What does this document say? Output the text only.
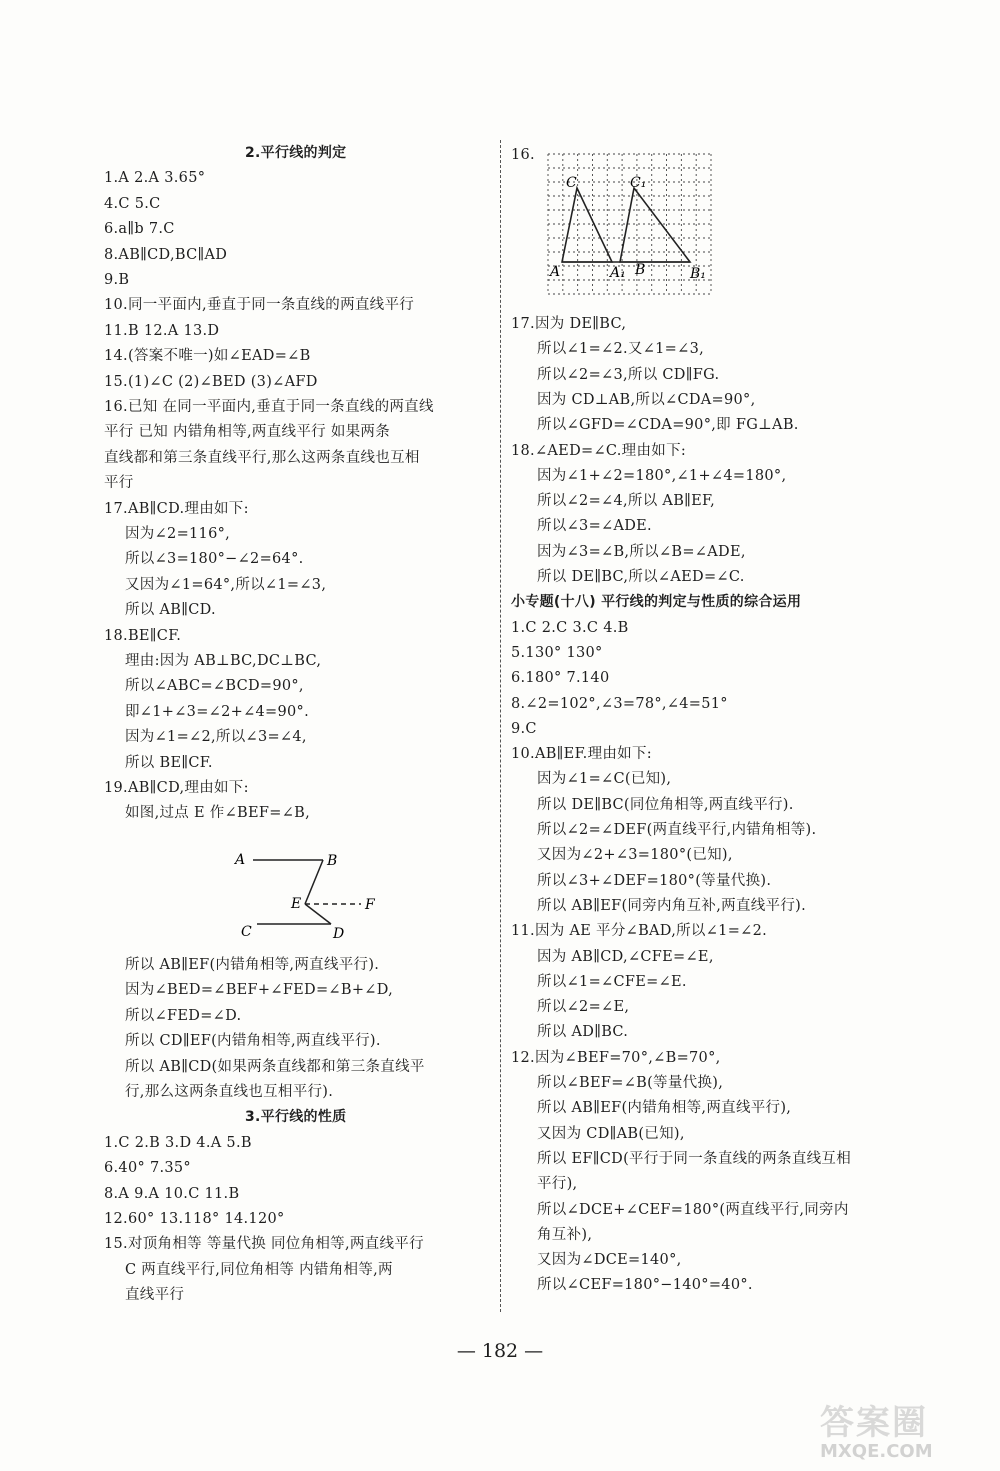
2.平行线的判定
1.A 2.A 3.65°
4.C 5.C
6.a∥b 7.C
8.AB∥CD,BC∥AD
9.B
10.同一平面内,垂直于同一条直线的两直线平行
11.B 12.A 13.D
14.(答案不唯一)如∠EAD=∠B
15.(1)∠C (2)∠BED (3)∠AFD
16.已知 在同一平面内,垂直于同一条直线的两直线
平行 已知 内错角相等,两直线平行 如果两条
直线都和第三条直线平行,那么这两条直线也互相
平行
17.AB∥CD.理由如下:
因为∠2=116°,
所以∠3=180°−∠2=64°.
又因为∠1=64°,所以∠1=∠3,
所以 AB∥CD.
18.BE∥CF.
理由:因为 AB⊥BC,DC⊥BC,
所以∠ABC=∠BCD=90°,
即∠1+∠3=∠2+∠4=90°.
因为∠1=∠2,所以∠3=∠4,
所以 BE∥CF.
19.AB∥CD,理由如下:
如图,过点 E 作∠BEF=∠B,
A	B
E	F
C	D
所以 AB∥EF(内错角相等,两直线平行).
因为∠BED=∠BEF+∠FED=∠B+∠D,
所以∠FED=∠D.
所以 CD∥EF(内错角相等,两直线平行).
所以 AB∥CD(如果两条直线都和第三条直线平
行,那么这两条直线也互相平行).
3.平行线的性质
1.C 2.B 3.D 4.A 5.B
6.40° 7.35°
8.A 9.A 10.C 11.B
12.60° 13.118° 14.120°
15.对顶角相等 等量代换 同位角相等,两直线平行
C 两直线平行,同位角相等 内错角相等,两
直线平行
C	C₁
A	A₁ B	B₁
16.
17.因为 DE∥BC,
所以∠1=∠2.又∠1=∠3,
所以∠2=∠3,所以 CD∥FG.
因为 CD⊥AB,所以∠CDA=90°,
所以∠GFD=∠CDA=90°,即 FG⊥AB.
18.∠AED=∠C.理由如下:
因为∠1+∠2=180°,∠1+∠4=180°,
所以∠2=∠4,所以 AB∥EF,
所以∠3=∠ADE.
因为∠3=∠B,所以∠B=∠ADE,
所以 DE∥BC,所以∠AED=∠C.
小专题(十八) 平行线的判定与性质的综合运用
1.C 2.C 3.C 4.B
5.130° 130°
6.180° 7.140
8.∠2=102°,∠3=78°,∠4=51°
9.C
10.AB∥EF.理由如下:
因为∠1=∠C(已知),
所以 DE∥BC(同位角相等,两直线平行).
所以∠2=∠DEF(两直线平行,内错角相等).
又因为∠2+∠3=180°(已知),
所以∠3+∠DEF=180°(等量代换).
所以 AB∥EF(同旁内角互补,两直线平行).
11.因为 AE 平分∠BAD,所以∠1=∠2.
因为 AB∥CD,∠CFE=∠E,
所以∠1=∠CFE=∠E.
所以∠2=∠E,
所以 AD∥BC.
12.因为∠BEF=70°,∠B=70°,
所以∠BEF=∠B(等量代换),
所以 AB∥EF(内错角相等,两直线平行),
又因为 CD∥AB(已知),
所以 EF∥CD(平行于同一条直线的两条直线互相
平行),
所以∠DCE+∠CEF=180°(两直线平行,同旁内
角互补),
又因为∠DCE=140°,
所以∠CEF=180°−140°=40°.
— 182 —
答案圈
MXQE.COM
